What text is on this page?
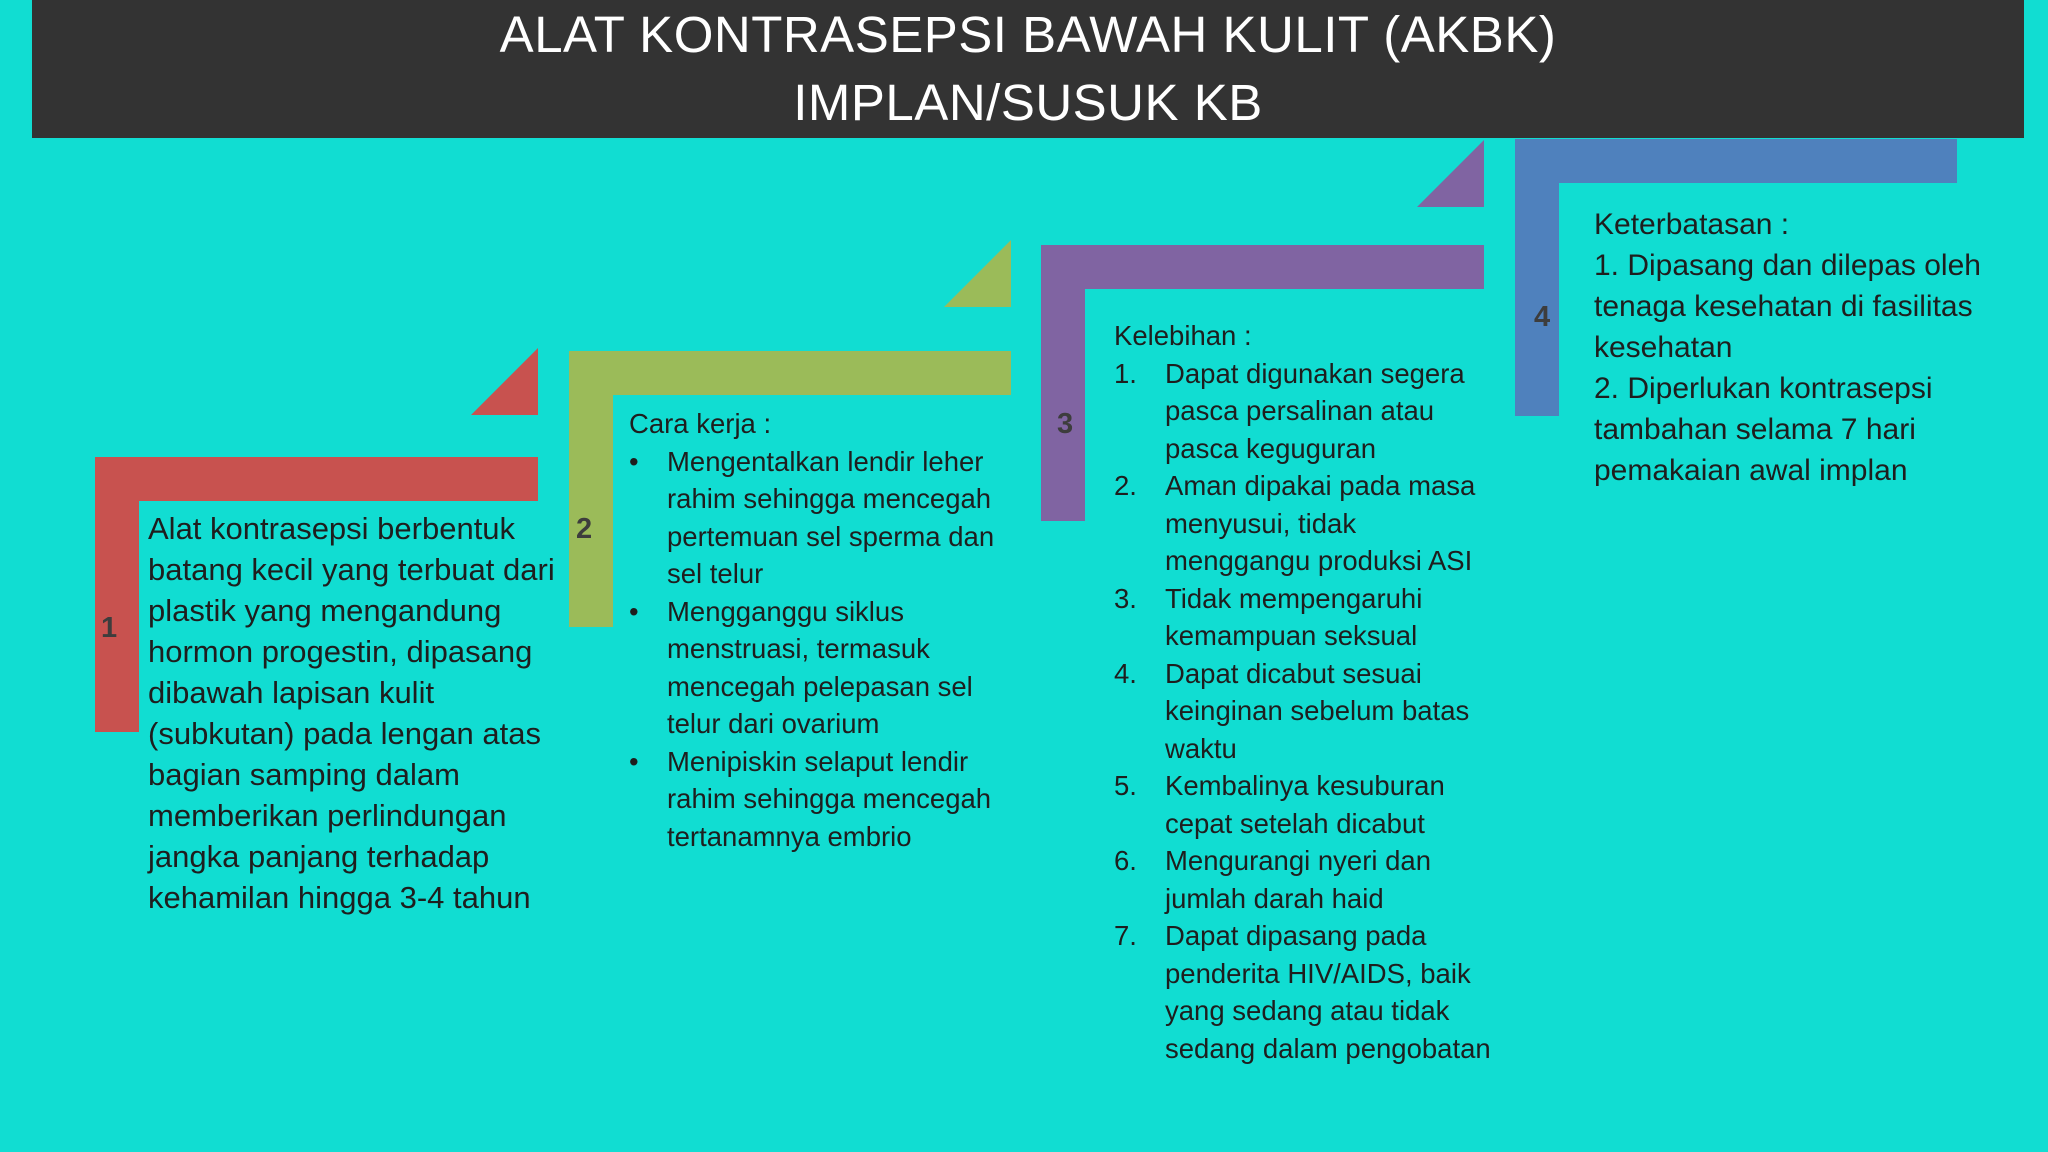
ALAT KONTRASEPSI BAWAH KULIT (AKBK)
IMPLAN/SUSUK KB
1
2
3
4
Alat kontrasepsi berbentuk batang kecil yang terbuat dari plastik yang mengandung hormon progestin, dipasang dibawah lapisan kulit (subkutan) pada lengan atas bagian samping dalam memberikan perlindungan jangka panjang terhadap kehamilan hingga 3-4 tahun
Cara kerja :
• Mengentalkan lendir leher rahim sehingga mencegah pertemuan sel sperma dan sel telur
• Mengganggu siklus menstruasi, termasuk mencegah pelepasan sel telur dari ovarium
• Menipiskin selaput lendir rahim sehingga mencegah tertanamnya embrio
Kelebihan :
1. Dapat digunakan segera pasca persalinan atau pasca keguguran
2. Aman dipakai pada masa menyusui, tidak menggangu produksi ASI
3. Tidak mempengaruhi kemampuan seksual
4. Dapat dicabut sesuai keinginan sebelum batas waktu
5. Kembalinya kesuburan cepat setelah dicabut
6. Mengurangi nyeri dan jumlah darah haid
7. Dapat dipasang pada penderita HIV/AIDS, baik yang sedang atau tidak sedang dalam pengobatan
Keterbatasan :
1. Dipasang dan dilepas oleh tenaga kesehatan di fasilitas kesehatan
2. Diperlukan kontrasepsi tambahan selama 7 hari pemakaian awal implan
